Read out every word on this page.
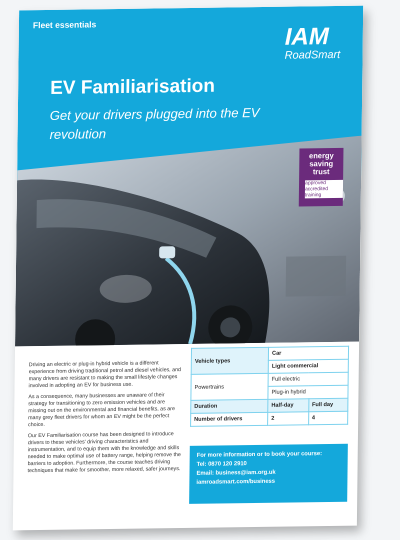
Fleet essentials	IAM
RoadSmart
EV Familiarisation
Get your drivers plugged into the EV revolution
energy
saving
trust
approved accredited training

Driving an electric or plug-in hybrid vehicle is a different experience from driving traditional petrol and diesel vehicles, and many drivers are resistant to making the small lifestyle changes involved in adopting an EV for business use.

As a consequence, many businesses are unaware of their strategy for transitioning to zero emission vehicles and are missing out on the environmental and financial benefits, as are many grey fleet drivers for whom an EV might be the perfect choice.

Our EV Familiarisation course has been designed to introduce drivers to these vehicles' driving characteristics and instrumentation, and to equip them with the knowledge and skills needed to make optimal use of battery range, helping remove the barriers to adoption. Furthermore, the course teaches driving techniques that make for smoother, more relaxed, safer journeys.

Vehicle types	Car	
	Light commercial	
Powertrains	Full electric	
	Plug-in hybrid	
Duration	Half-day	Full day
Number of drivers	2	4
For more information or to book your course:
Tel: 0870 120 2910
Email: business@iam.org.uk
iamroadsmart.com/business
